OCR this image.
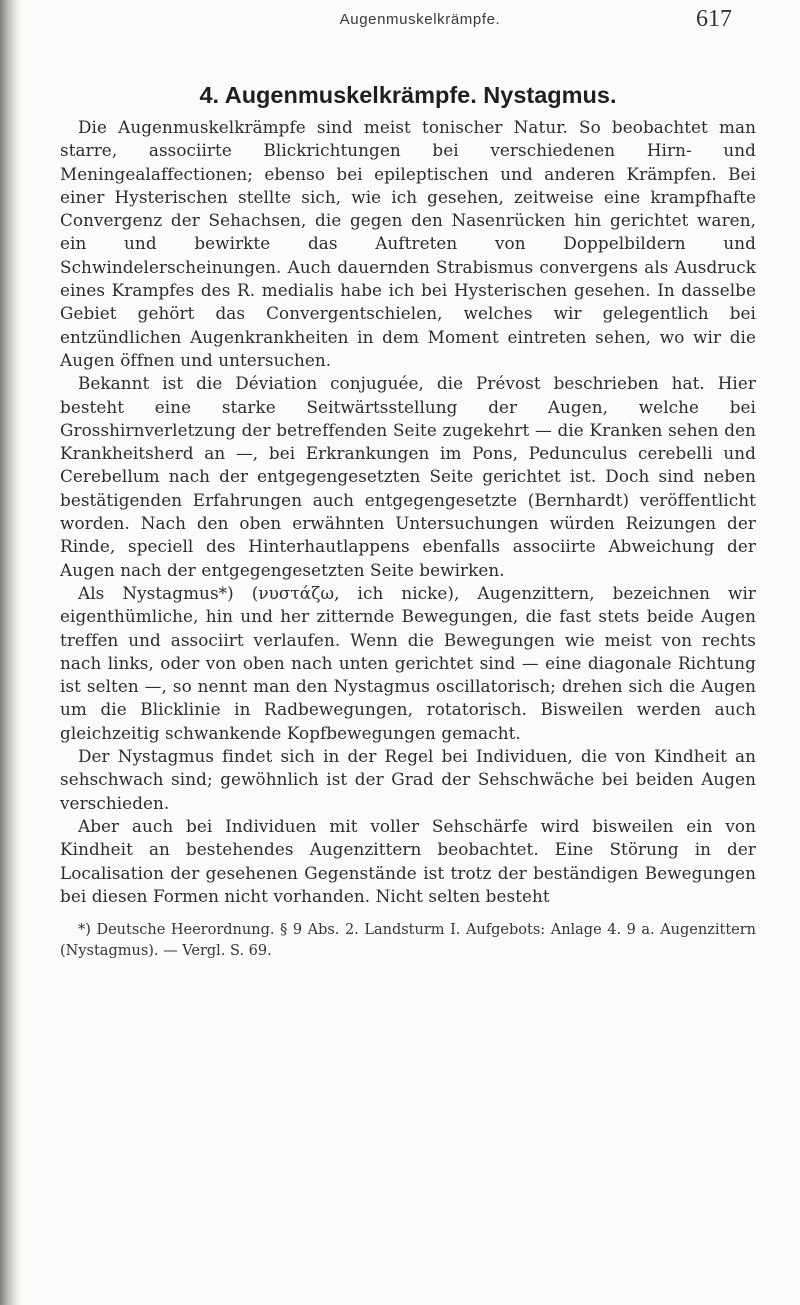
Augenmuskelkrämpfe.	617
4. Augenmuskelkrämpfe. Nystagmus.

Die Augenmuskelkrämpfe sind meist tonischer Natur. So beobachtet man starre, associirte Blickrichtungen bei verschiedenen Hirn- und Meningealaffectionen; ebenso bei epileptischen und anderen Krämpfen. Bei einer Hysterischen stellte sich, wie ich gesehen, zeitweise eine krampfhafte Convergenz der Sehachsen, die gegen den Nasenrücken hin gerichtet waren, ein und bewirkte das Auftreten von Doppelbildern und Schwindelerscheinungen. Auch dauernden Strabismus convergens als Ausdruck eines Krampfes des R. medialis habe ich bei Hysterischen gesehen. In dasselbe Gebiet gehört das Convergentschielen, welches wir gelegentlich bei entzündlichen Augenkrankheiten in dem Moment eintreten sehen, wo wir die Augen öffnen und untersuchen.

Bekannt ist die Déviation conjuguée, die Prévost beschrieben hat. Hier besteht eine starke Seitwärtsstellung der Augen, welche bei Grosshirnverletzung der betreffenden Seite zugekehrt — die Kranken sehen den Krankheitsherd an —, bei Erkrankungen im Pons, Pedunculus cerebelli und Cerebellum nach der entgegengesetzten Seite gerichtet ist. Doch sind neben bestätigenden Erfahrungen auch entgegengesetzte (Bernhardt) veröffentlicht worden. Nach den oben erwähnten Untersuchungen würden Reizungen der Rinde, speciell des Hinterhautlappens ebenfalls associirte Abweichung der Augen nach der entgegengesetzten Seite bewirken.

Als Nystagmus*) (νυστάζω, ich nicke), Augenzittern, bezeichnen wir eigenthümliche, hin und her zitternde Bewegungen, die fast stets beide Augen treffen und associirt verlaufen. Wenn die Bewegungen wie meist von rechts nach links, oder von oben nach unten gerichtet sind — eine diagonale Richtung ist selten —, so nennt man den Nystagmus oscillatorisch; drehen sich die Augen um die Blicklinie in Radbewegungen, rotatorisch. Bisweilen werden auch gleichzeitig schwankende Kopfbewegungen gemacht.

Der Nystagmus findet sich in der Regel bei Individuen, die von Kindheit an sehschwach sind; gewöhnlich ist der Grad der Sehschwäche bei beiden Augen verschieden.

Aber auch bei Individuen mit voller Sehschärfe wird bisweilen ein von Kindheit an bestehendes Augenzittern beobachtet. Eine Störung in der Localisation der gesehenen Gegenstände ist trotz der beständigen Bewegungen bei diesen Formen nicht vorhanden. Nicht selten besteht

*) Deutsche Heerordnung. § 9 Abs. 2. Landsturm I. Aufgebots: Anlage 4. 9 a. Augenzittern (Nystagmus). — Vergl. S. 69.
